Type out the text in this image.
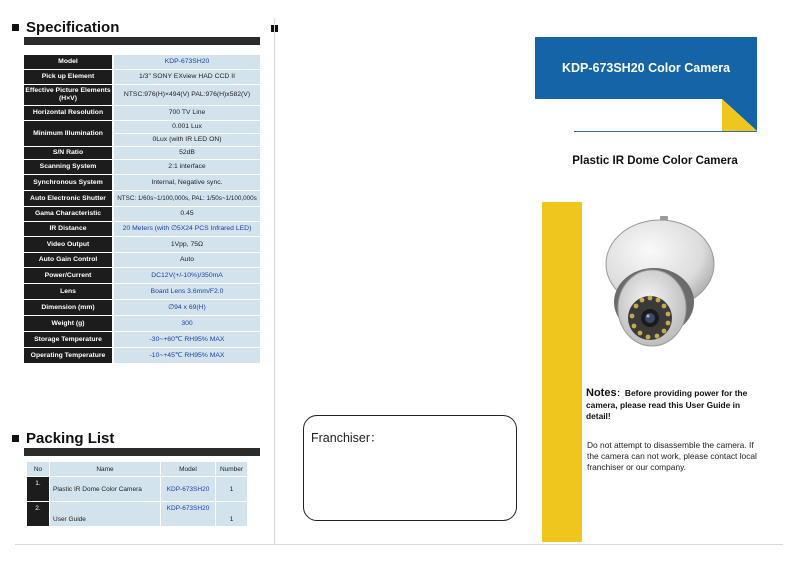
Specification
Model	KDP-673SH20
Pick up Element	1/3" SONY EXview HAD CCD II
Effective Picture Elements (H×V)	NTSC:976(H)×494(V) PAL:976(H)x582(V)
Horizontal Resolution	700 TV Line
Minimum Illumination	0.001 Lux
	0Lux (with IR LED ON)
S/N Ratio	52dB
Scanning System	2:1 interface
Synchronous System	Internal, Negative sync.
Auto Electronic Shutter	NTSC: 1/60s~1/100,000s, PAL: 1/50s~1/100,000s
Gama Characteristic	0.45
IR Distance	20 Meters (with ∅5X24 PCS Infrared LED)
Video Output	1Vpp, 75Ω
Auto Gain Control	Auto
Power/Current	DC12V(+/-10%)/350mA
Lens	Board Lens 3.6mm/F2.0
Dimension (mm)	∅94 x 69(H)
Weight (g)	300
Storage Temperature	-30~+60℃ RH95% MAX
Operating Temperature	-10~+45℃ RH95% MAX
Packing List
No	Name	Model	Number
1.	Plastic IR Dome Color Camera	KDP-673SH20	1
2.	User Guide	KDP-673SH20	1
Franchiser：
KDP-673SH20 Color Camera
Plastic IR Dome Color Camera
Notes：Before providing power for the camera, please read this User Guide in detail!
Do not attempt to disassemble the camera. If the camera can not work, please contact local franchiser or our company.
